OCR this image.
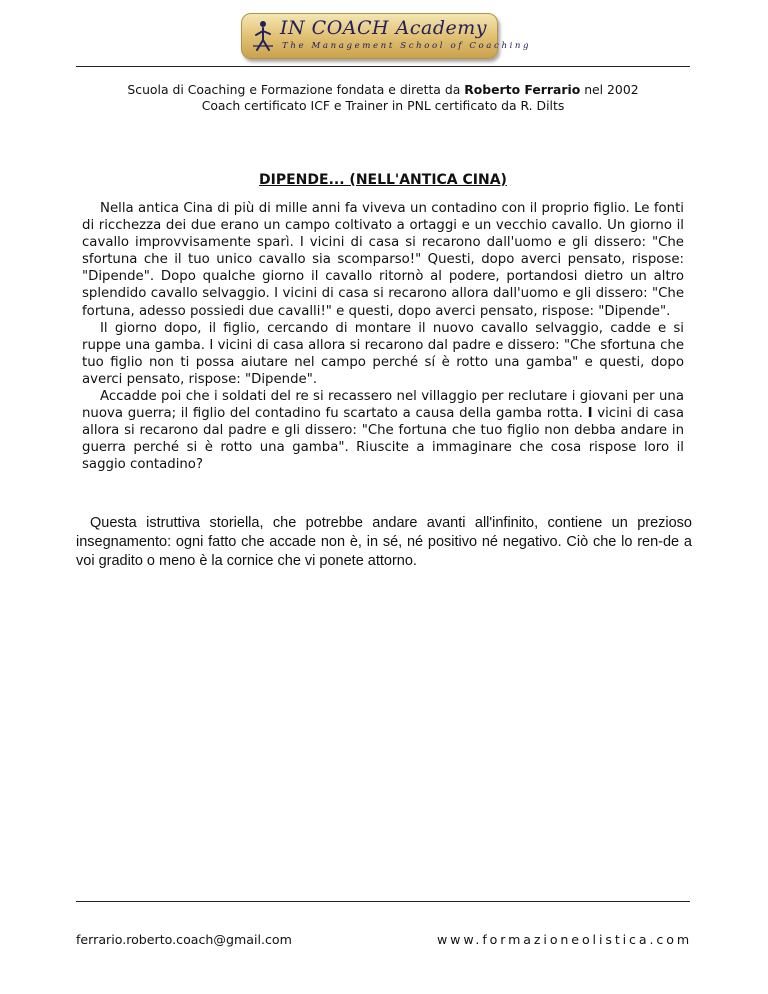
IN COACH Academy
The Management School of Coaching
Scuola di Coaching e Formazione fondata e diretta da Roberto Ferrario nel 2002
Coach certificato ICF e Trainer in PNL certificato da R. Dilts
DIPENDE... (NELL'ANTICA CINA)

Nella antica Cina di più di mille anni fa viveva un contadino con il proprio figlio. Le fonti di ricchezza dei due erano un campo coltivato a ortaggi e un vecchio cavallo. Un giorno il cavallo improvvisamente sparì. I vicini di casa si recarono dall'uomo e gli dissero: "Che sfortuna che il tuo unico cavallo sia scomparso!" Questi, dopo averci pensato, rispose: "Dipende". Dopo qualche giorno il cavallo ritornò al podere, portandosi dietro un altro splendido cavallo selvaggio. I vicini di casa si recarono allora dall'uomo e gli dissero: "Che fortuna, adesso possiedi due cavalli!" e questi, dopo averci pensato, rispose: "Dipende".

Il giorno dopo, il figlio, cercando di montare il nuovo cavallo selvaggio, cadde e si ruppe una gamba. I vicini di casa allora si recarono dal padre e dissero: "Che sfortuna che tuo figlio non ti possa aiutare nel campo perché sí è rotto una gamba" e questi, dopo averci pensato, rispose: "Dipende".

Accadde poi che i soldati del re si recassero nel villaggio per reclutare i giovani per una nuova guerra; il figlio del contadino fu scartato a causa della gamba rotta. I vicini di casa allora si recarono dal padre e gli dissero: "Che fortuna che tuo figlio non debba andare in guerra perché si è rotto una gamba". Riuscite a immaginare che cosa rispose loro il saggio contadino?

Questa istruttiva storiella, che potrebbe andare avanti all'infinito, contiene un prezioso insegnamento: ogni fatto che accade non è, in sé, né positivo né negativo. Ciò che lo ren-de a voi gradito o meno è la cornice che vi ponete attorno.

ferrario.roberto.coach@gmail.com	www.formazioneolistica.com
